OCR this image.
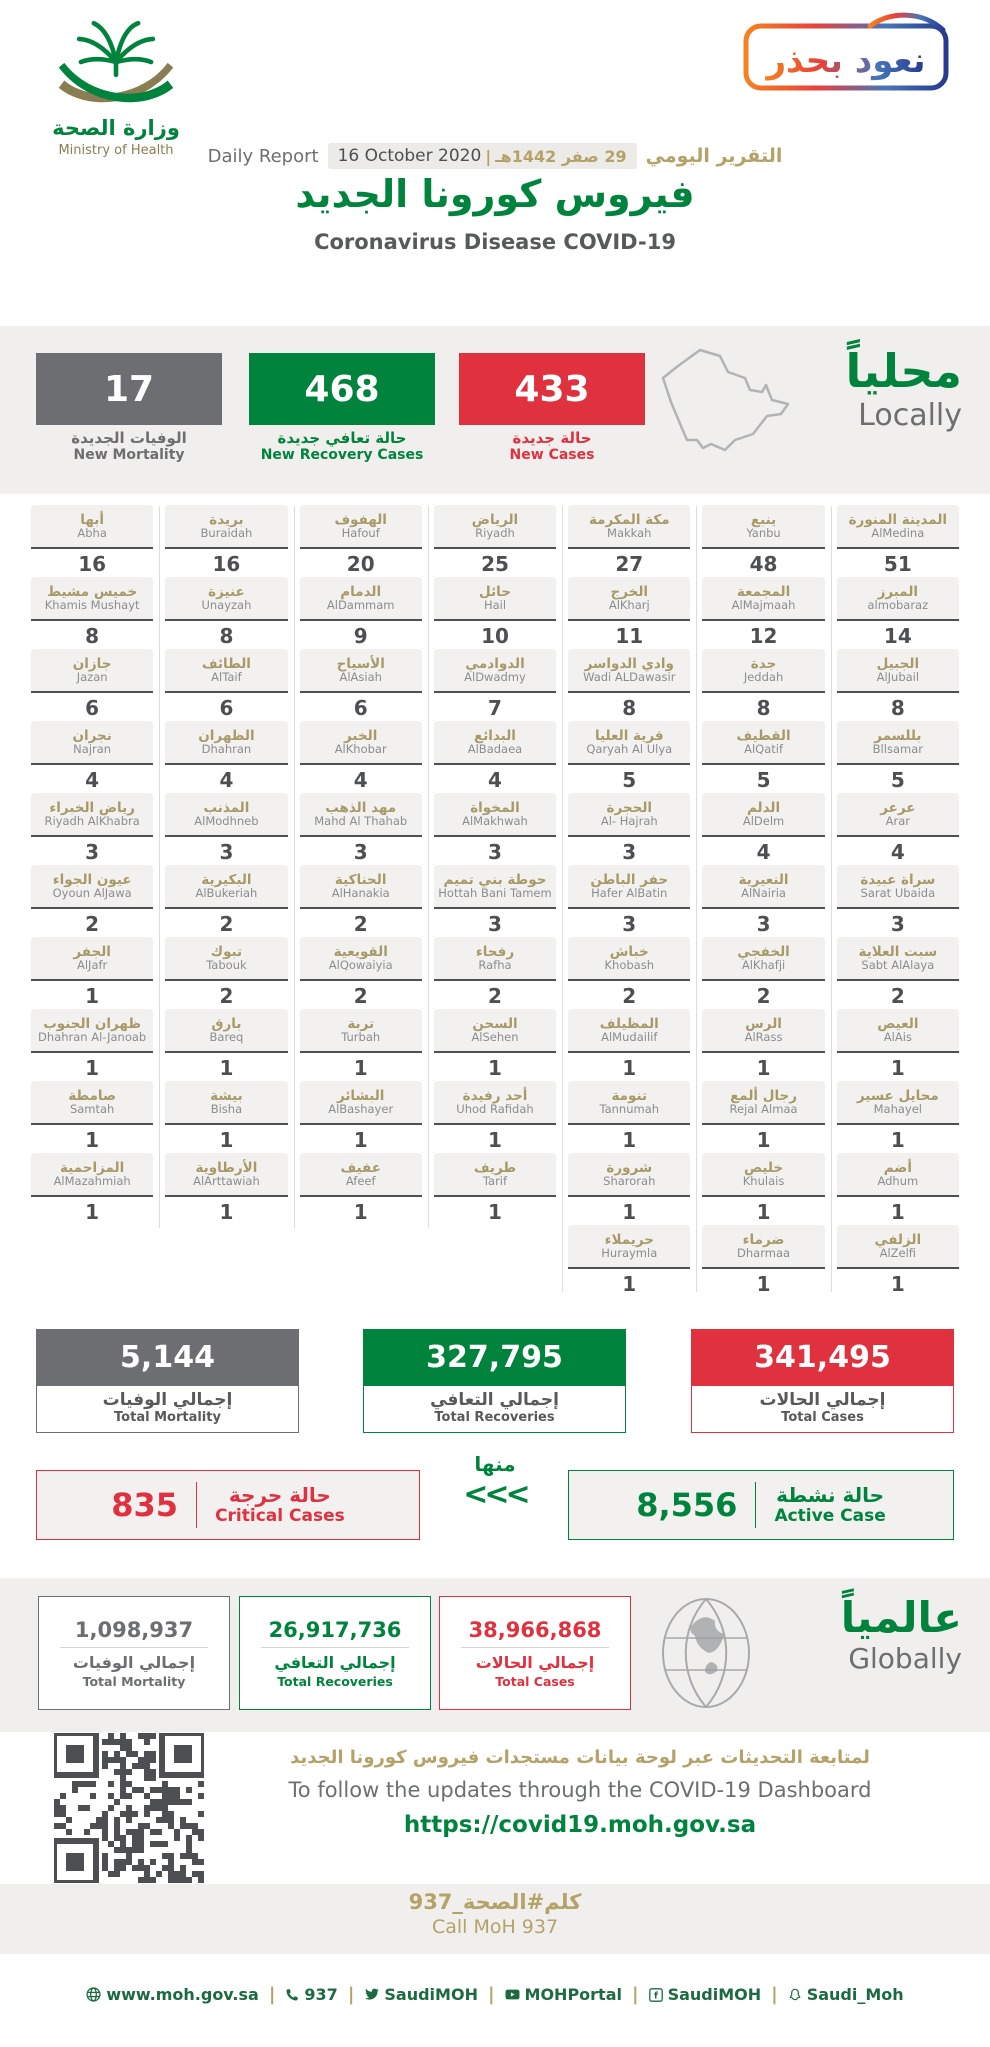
وزارة الصحة
Ministry of Health
نعود بحذر
Daily Report 16 October 2020 | 29 صفر 1442هـ التقرير اليومي
فيروس كورونا الجديد
Coronavirus Disease COVID-19
17
الوفيات الجديدة
New Mortality
468
حالة تعافي جديدة
New Recovery Cases
433
حالة جديدة
New Cases
محلياً
Locally
أبها
Abha
16
خميس مشيط
Khamis Mushayt
8
جازان
Jazan
6
نجران
Najran
4
رياض الخبراء
Riyadh AlKhabra
3
عيون الجواء
Oyoun AlJawa
2
الجفر
AlJafr
1
ظهران الجنوب
Dhahran Al-Janoab
1
صامطة
Samtah
1
المزاحمية
AlMazahmiah
1
بريدة
Buraidah
16
عنيزة
Unayzah
8
الطائف
AlTaif
6
الظهران
Dhahran
4
المذنب
AlModhneb
3
البكيرية
AlBukeriah
2
تبوك
Tabouk
2
بارق
Bareq
1
بيشة
Bisha
1
الأرطاوية
AlArttawiah
1
الهفوف
Hafouf
20
الدمام
AlDammam
9
الأسياح
AlAsiah
6
الخبر
AlKhobar
4
مهد الذهب
Mahd Al Thahab
3
الحناكية
AlHanakia
2
القويعية
AlQowaiyia
2
تربة
Turbah
1
البشائر
AlBashayer
1
عفيف
Afeef
1
الرياض
Riyadh
25
حائل
Hail
10
الدوادمي
AlDwadmy
7
البدائع
AlBadaea
4
المخواة
AlMakhwah
3
حوطة بني تميم
Hottah Bani Tamem
3
رفحاء
Rafha
2
السحن
AlSehen
1
أحد رفيدة
Uhod Rafidah
1
طريف
Tarif
1
مكة المكرمة
Makkah
27
الخرج
AlKharj
11
وادي الدواسر
Wadi ALDawasir
8
قرية العليا
Qaryah Al Ulya
5
الحجرة
Al- Hajrah
3
حفر الباطن
Hafer AlBatin
3
خباش
Khobash
2
المظيلف
AlMudailif
1
تنومة
Tannumah
1
شرورة
Sharorah
1
حريملاء
Huraymla
1
ينبع
Yanbu
48
المجمعة
AlMajmaah
12
جدة
Jeddah
8
القطيف
AlQatif
5
الدلم
AlDelm
4
النعيرية
AlNairia
3
الخفجي
AlKhafji
2
الرس
AlRass
1
رجال ألمع
Rejal Almaa
1
خليص
Khulais
1
ضرماء
Dharmaa
1
المدينة المنورة
AlMedina
51
المبرز
almobaraz
14
الجبيل
AlJubail
8
بللسمر
Bllsamar
5
عرعر
Arar
4
سراة عبيدة
Sarat Ubaida
3
سبت العلاية
Sabt AlAlaya
2
العيص
AlAis
1
محايل عسير
Mahayel
1
أضم
Adhum
1
الزلفي
AlZelfi
1
5,144
إجمالي الوفيات
Total Mortality
327,795
إجمالي التعافي
Total Recoveries
341,495
إجمالي الحالات
Total Cases
835	حالة حرجة
Critical Cases
منها
<<<	8,556 حالة نشطة
Active Case
1,098,937
إجمالي الوفيات
Total Mortality
26,917,736
إجمالي التعافي
Total Recoveries
38,966,868
إجمالي الحالات
Total Cases
عالمياً
Globally
لمتابعة التحديثات عبر لوحة بيانات مستجدات فيروس كورونا الجديد
To follow the updates through the COVID-19 Dashboard
https://covid19.moh.gov.sa
كلم#الصحة_937
Call MoH 937
www.moh.gov.sa | 937 | SaudiMOH | MOHPortal | f SaudiMOH | Saudi_Moh
